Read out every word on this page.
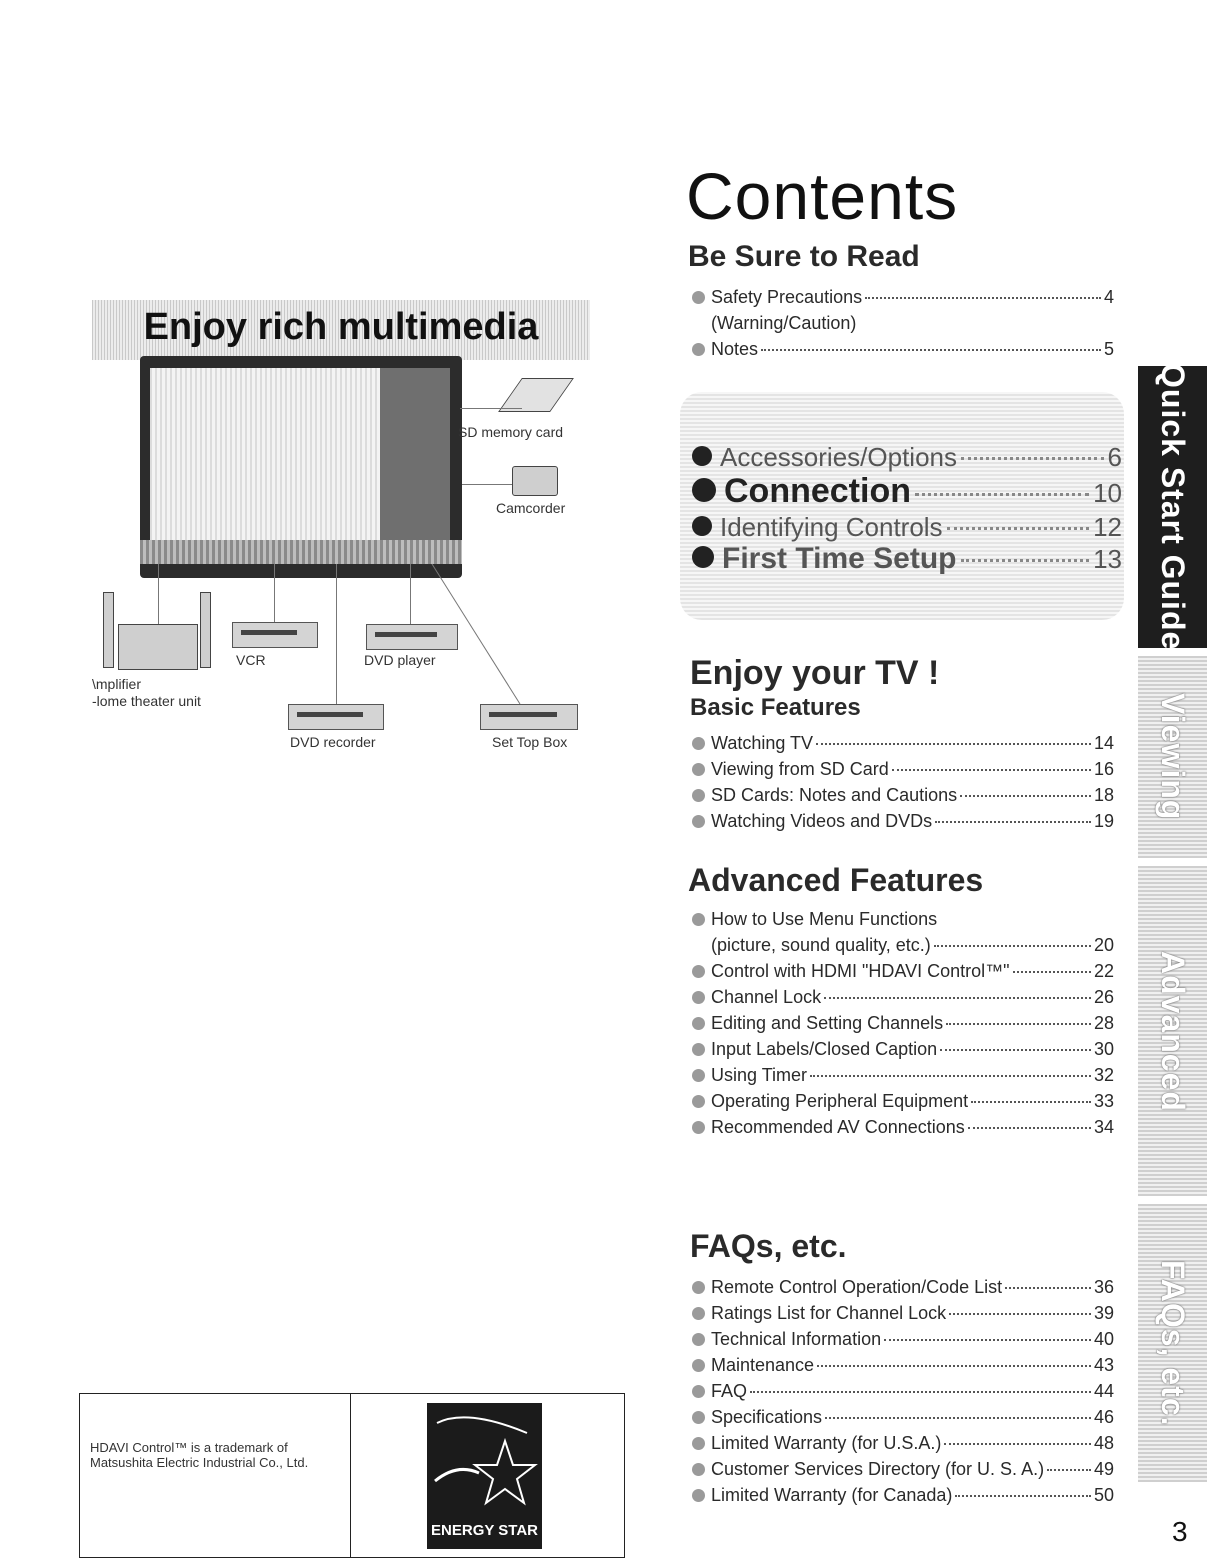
Enjoy rich multimedia
SD memory card
Camcorder
\mplifier
-lome theater unit
VCR	DVD player
DVD recorder	Set Top Box
Contents
Be Sure to Read
Safety Precautions	4
(Warning/Caution)
Notes	5
Accessories/Options	6
Connection	10
Identifying Controls	12
First Time Setup	13
Enjoy your TV !
Basic Features
Watching TV	14
Viewing from SD Card	16
SD Cards: Notes and Cautions	18
Watching Videos and DVDs	19
Advanced Features
How to Use Menu Functions
(picture, sound quality, etc.)	20
Control with HDMI "HDAVI Control™"	22
Channel Lock	26
Editing and Setting Channels	28
Input Labels/Closed Caption	30
Using Timer	32
Operating Peripheral Equipment	33
Recommended AV Connections	34
FAQs, etc.
Remote Control Operation/Code List	36
Ratings List for Channel Lock	39
Technical Information	40
Maintenance	43
FAQ	44
Specifications	46
Limited Warranty (for U.S.A.)	48
Customer Services Directory (for U. S. A.)	49
Limited Warranty (for Canada)	50
Quick Start Guide
Viewing
Advanced
FAQs, etc.
3
HDAVI Control™ is a trademark of Matsushita Electric Industrial Co., Ltd.
ENERGY STAR
